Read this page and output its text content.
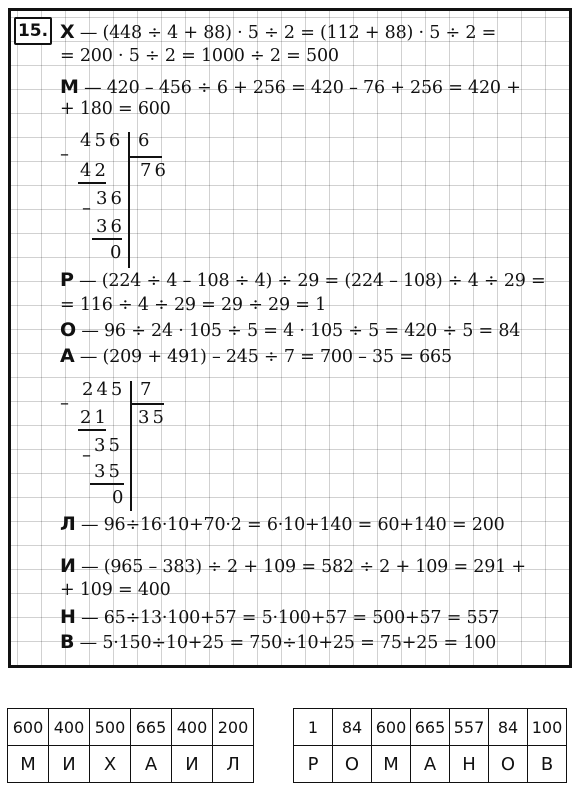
15. Х — (448 ÷ 4 + 88) · 5 ÷ 2 = (112 + 88) · 5 ÷ 2 =
= 200 · 5 ÷ 2 = 1000 ÷ 2 = 500
М — 420 – 456 ÷ 6 + 256 = 420 – 76 + 256 = 420 +
+ 180 = 600
–
456 6
76
42
– 36
36
0
Р — (224 ÷ 4 – 108 ÷ 4) ÷ 29 = (224 – 108) ÷ 4 ÷ 29 =
= 116 ÷ 4 ÷ 29 = 29 ÷ 29 = 1
О — 96 ÷ 24 · 105 ÷ 5 = 4 · 105 ÷ 5 = 420 ÷ 5 = 84
А — (209 + 491) – 245 ÷ 7 = 700 – 35 = 665
–
245 7
35
21
– 35
35
0
Л — 96÷16·10+70·2 = 6·10+140 = 60+140 = 200
И — (965 – 383) ÷ 2 + 109 = 582 ÷ 2 + 109 = 291 +
+ 109 = 400
Н — 65÷13·100+57 = 5·100+57 = 500+57 = 557
В — 5·150÷10+25 = 750÷10+25 = 75+25 = 100
600	400	500	665	400	200
М	И	Х	А	И	Л
1	84	600	665	557	84	100
Р	О	М	А	Н	О	В
